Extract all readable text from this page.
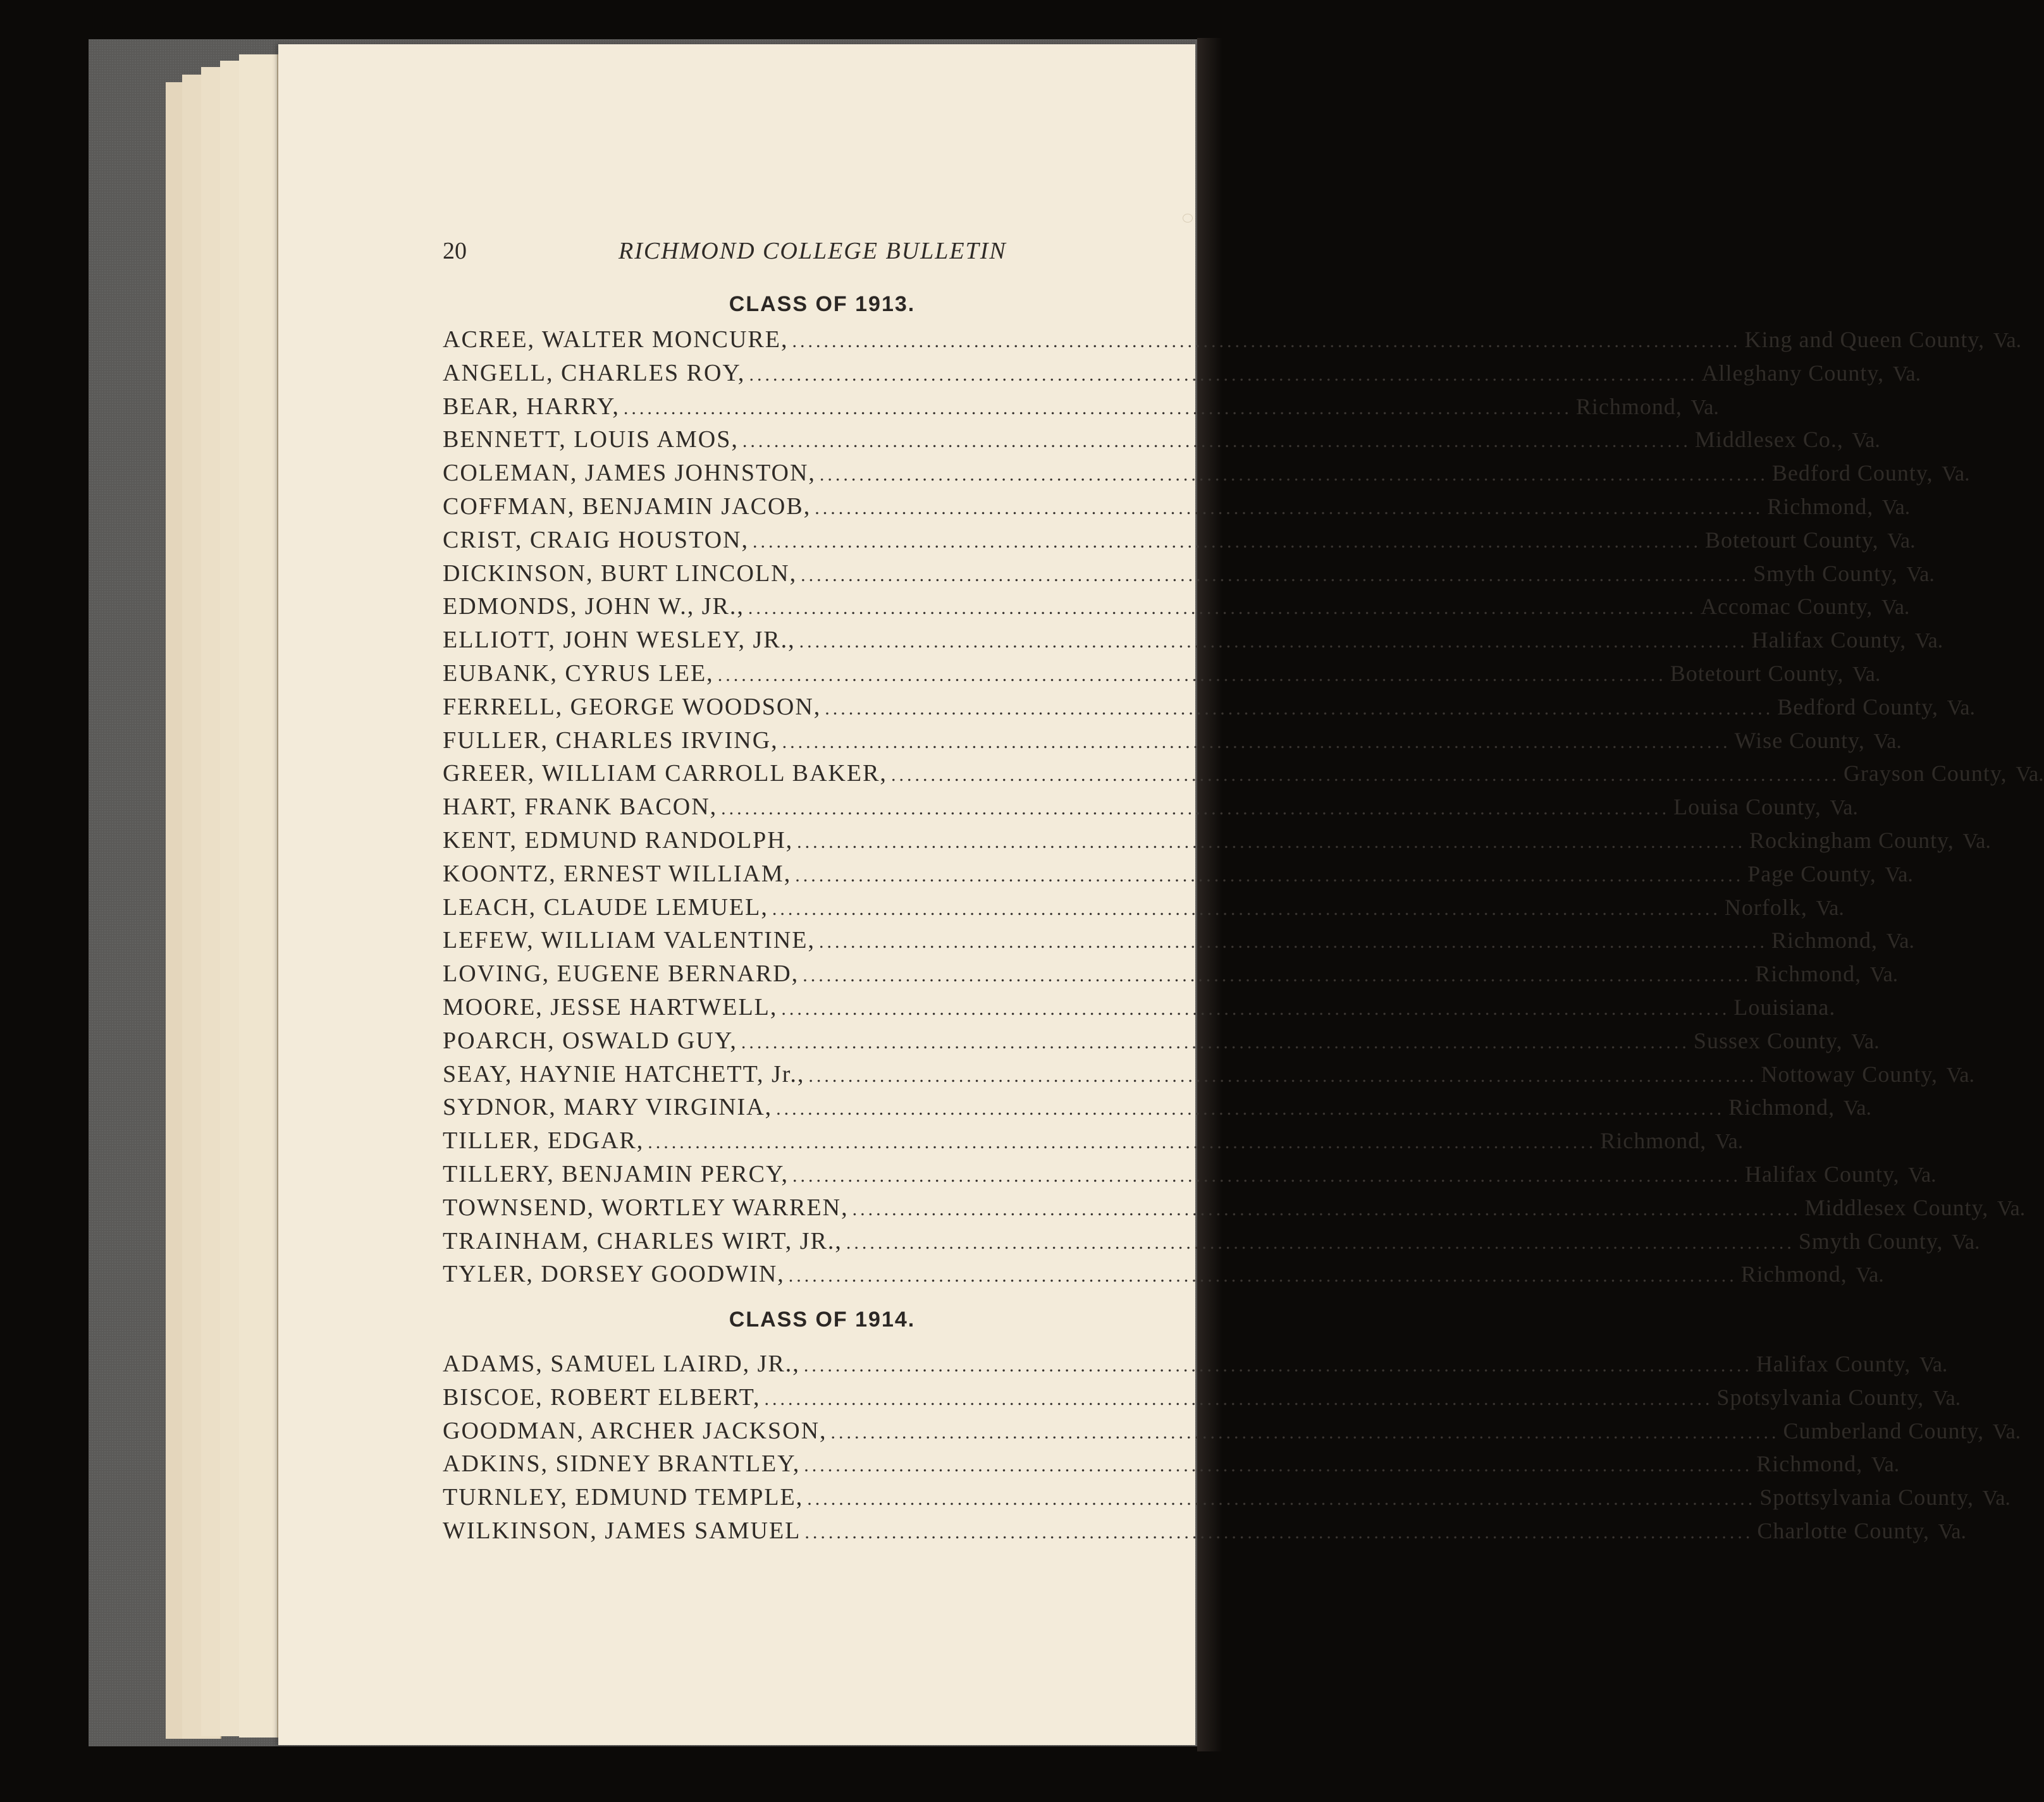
20	RICHMOND COLLEGE BULLETIN
CLASS OF 1913.
ACREE, WALTER MONCURE, ........................................................................................................................ King and Queen County, Va.
ANGELL, CHARLES ROY, ........................................................................................................................ Alleghany County, Va.
BEAR, HARRY, ........................................................................................................................ Richmond, Va.
BENNETT, LOUIS AMOS, ........................................................................................................................ Middlesex Co., Va.
COLEMAN, JAMES JOHNSTON, ........................................................................................................................ Bedford County, Va.
COFFMAN, BENJAMIN JACOB, ........................................................................................................................ Richmond, Va.
CRIST, CRAIG HOUSTON, ........................................................................................................................ Botetourt County, Va.
DICKINSON, BURT LINCOLN, ........................................................................................................................ Smyth County, Va.
EDMONDS, JOHN W., JR., ........................................................................................................................ Accomac County, Va.
ELLIOTT, JOHN WESLEY, JR., ........................................................................................................................ Halifax County, Va.
EUBANK, CYRUS LEE, ........................................................................................................................ Botetourt County, Va.
FERRELL, GEORGE WOODSON, ........................................................................................................................ Bedford County, Va.
FULLER, CHARLES IRVING, ........................................................................................................................ Wise County, Va.
GREER, WILLIAM CARROLL BAKER, ........................................................................................................................ Grayson County, Va.
HART, FRANK BACON, ........................................................................................................................ Louisa County, Va.
KENT, EDMUND RANDOLPH, ........................................................................................................................ Rockingham County, Va.
KOONTZ, ERNEST WILLIAM, ........................................................................................................................ Page County, Va.
LEACH, CLAUDE LEMUEL, ........................................................................................................................ Norfolk, Va.
LEFEW, WILLIAM VALENTINE, ........................................................................................................................ Richmond, Va.
LOVING, EUGENE BERNARD, ........................................................................................................................ Richmond, Va.
MOORE, JESSE HARTWELL, ........................................................................................................................ Louisiana.
POARCH, OSWALD GUY, ........................................................................................................................ Sussex County, Va.
SEAY, HAYNIE HATCHETT, Jr., ........................................................................................................................ Nottoway County, Va.
SYDNOR, MARY VIRGINIA, ........................................................................................................................ Richmond, Va.
TILLER, EDGAR, ........................................................................................................................ Richmond, Va.
TILLERY, BENJAMIN PERCY, ........................................................................................................................ Halifax County, Va.
TOWNSEND, WORTLEY WARREN, ........................................................................................................................ Middlesex County, Va.
TRAINHAM, CHARLES WIRT, JR., ........................................................................................................................ Smyth County, Va.
TYLER, DORSEY GOODWIN, ........................................................................................................................ Richmond, Va.
CLASS OF 1914.
ADAMS, SAMUEL LAIRD, JR., ........................................................................................................................ Halifax County, Va.
BISCOE, ROBERT ELBERT, ........................................................................................................................ Spotsylvania County, Va.
GOODMAN, ARCHER JACKSON, ........................................................................................................................ Cumberland County, Va.
ADKINS, SIDNEY BRANTLEY, ........................................................................................................................ Richmond, Va.
TURNLEY, EDMUND TEMPLE, ........................................................................................................................ Spottsylvania County, Va.
WILKINSON, JAMES SAMUEL ........................................................................................................................ Charlotte County, Va.
